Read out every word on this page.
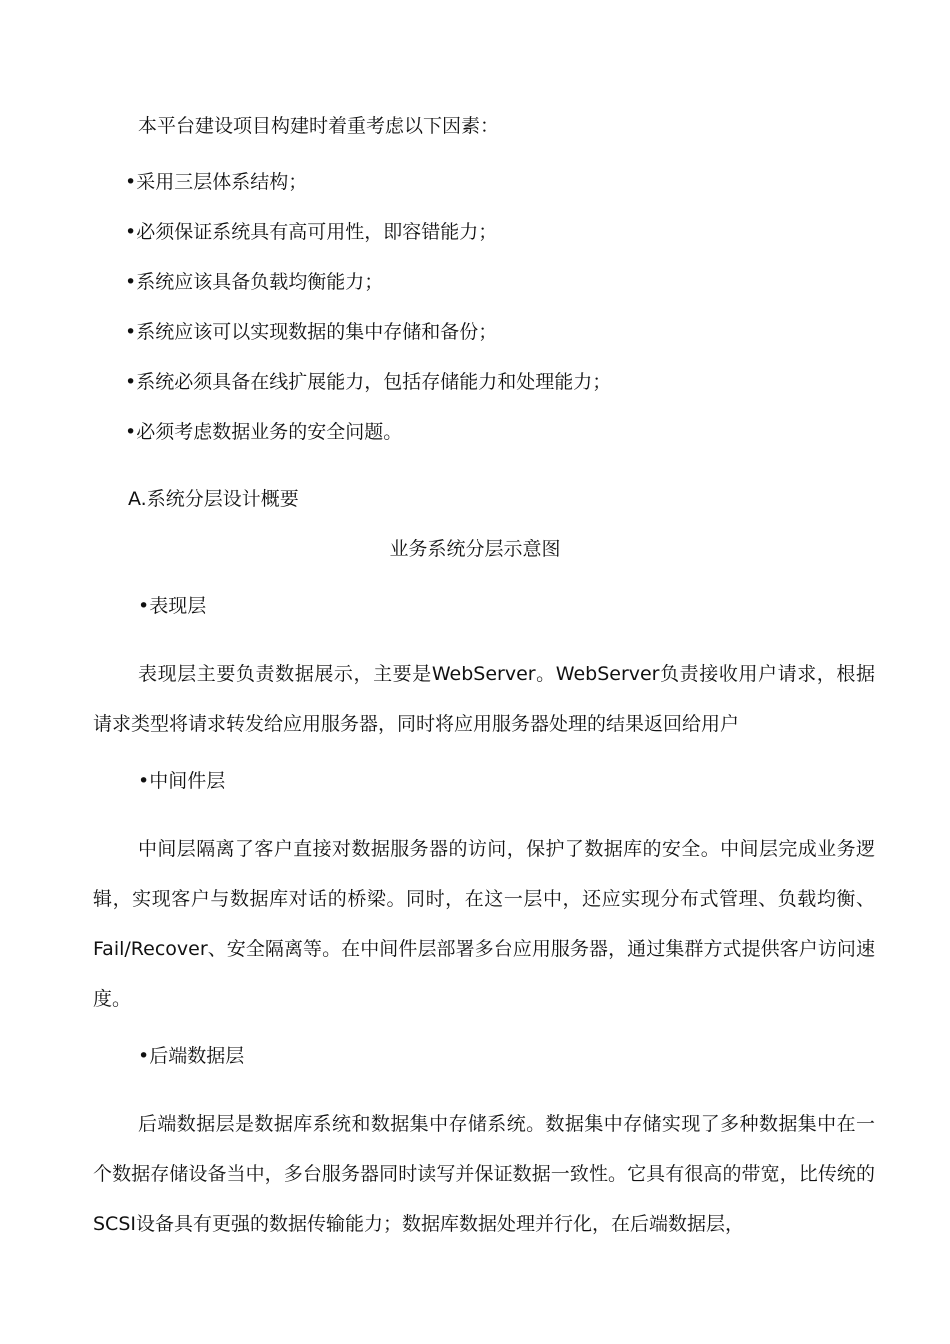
本平台建设项目构建时着重考虑以下因素：
•采用三层体系结构；
•必须保证系统具有高可用性，即容错能力；
•系统应该具备负载均衡能力；
•系统应该可以实现数据的集中存储和备份；
•系统必须具备在线扩展能力，包括存储能力和处理能力；
•必须考虑数据业务的安全问题。
A.系统分层设计概要
业务系统分层示意图
•表现层

表现层主要负责数据展示，主要是WebServer。WebServer负责接收用户请求，根据请求类型将请求转发给应用服务器，同时将应用服务器处理的结果返回给用户

•中间件层

中间层隔离了客户直接对数据服务器的访问，保护了数据库的安全。中间层完成业务逻辑，实现客户与数据库对话的桥梁。同时，在这一层中，还应实现分布式管理、负载均衡、Fail/Recover、安全隔离等。在中间件层部署多台应用服务器，通过集群方式提供客户访问速度。

•后端数据层

后端数据层是数据库系统和数据集中存储系统。数据集中存储实现了多种数据集中在一个数据存储设备当中，多台服务器同时读写并保证数据一致性。它具有很高的带宽，比传统的SCSI设备具有更强的数据传输能力；数据库数据处理并行化，在后端数据层，
